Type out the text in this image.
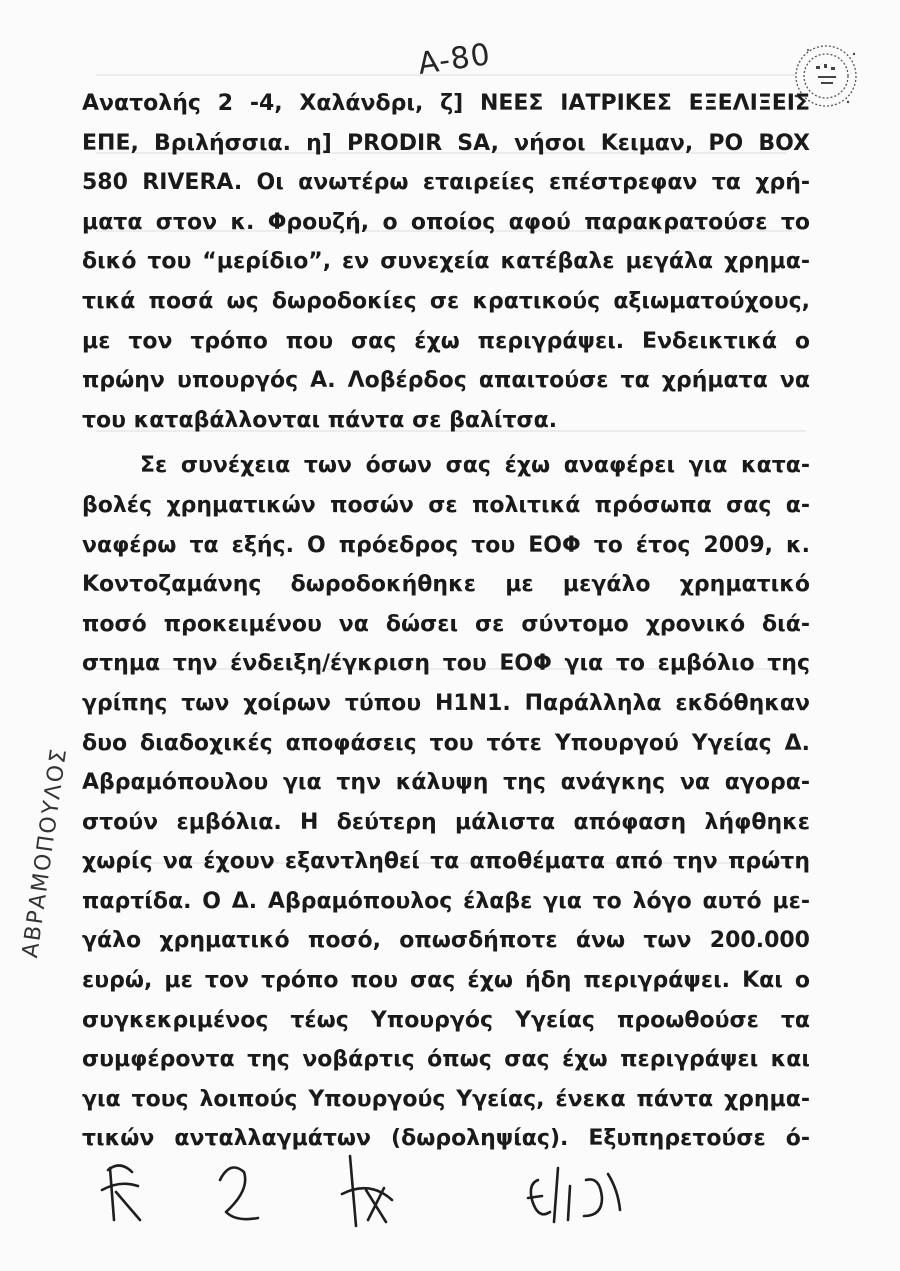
A-80
Ανατολής 2 -4, Χαλάνδρι, ζ] ΝΕΕΣ ΙΑΤΡΙΚΕΣ ΕΞΕΛΙΞΕΙΣ
ΕΠΕ, Βριλήσσια. η] PRODIR SA, νήσοι Κειμαν, PO BOX
580 RIVERA. Οι ανωτέρω εταιρείες επέστρεφαν τα χρή-
ματα στον κ. Φρουζή, ο οποίος αφού παρακρατούσε το
δικό του “μερίδιο”, εν συνεχεία κατέβαλε μεγάλα χρημα-
τικά ποσά ως δωροδοκίες σε κρατικούς αξιωματούχους,
με τον τρόπο που σας έχω περιγράψει. Ενδεικτικά ο
πρώην υπουργός Α. Λοβέρδος απαιτούσε τα χρήματα να
του καταβάλλονται πάντα σε βαλίτσα.
Σε συνέχεια των όσων σας έχω αναφέρει για κατα-
βολές χρηματικών ποσών σε πολιτικά πρόσωπα σας α-
ναφέρω τα εξής. Ο πρόεδρος του ΕΟΦ το έτος 2009, κ.
Κοντοζαμάνης δωροδοκήθηκε με μεγάλο χρηματικό
ποσό προκειμένου να δώσει σε σύντομο χρονικό διά-
στημα την ένδειξη/έγκριση του ΕΟΦ για το εμβόλιο της
γρίπης των χοίρων τύπου Η1Ν1. Παράλληλα εκδόθηκαν
δυο διαδοχικές αποφάσεις του τότε Υπουργού Υγείας Δ.
Αβραμόπουλου για την κάλυψη της ανάγκης να αγορα-
στούν εμβόλια. Η δεύτερη μάλιστα απόφαση λήφθηκε
χωρίς να έχουν εξαντληθεί τα αποθέματα από την πρώτη
παρτίδα. Ο Δ. Αβραμόπουλος έλαβε για το λόγο αυτό με-
γάλο χρηματικό ποσό, οπωσδήποτε άνω των 200.000
ευρώ, με τον τρόπο που σας έχω ήδη περιγράψει. Και ο
συγκεκριμένος τέως Υπουργός Υγείας προωθούσε τα
συμφέροντα της νοβάρτις όπως σας έχω περιγράψει και
για τους λοιπούς Υπουργούς Υγείας, ένεκα πάντα χρημα-
τικών ανταλλαγμάτων (δωροληψίας). Εξυπηρετούσε ό-
ΑΒΡΑΜΟΠΟΥΛΟΣ
